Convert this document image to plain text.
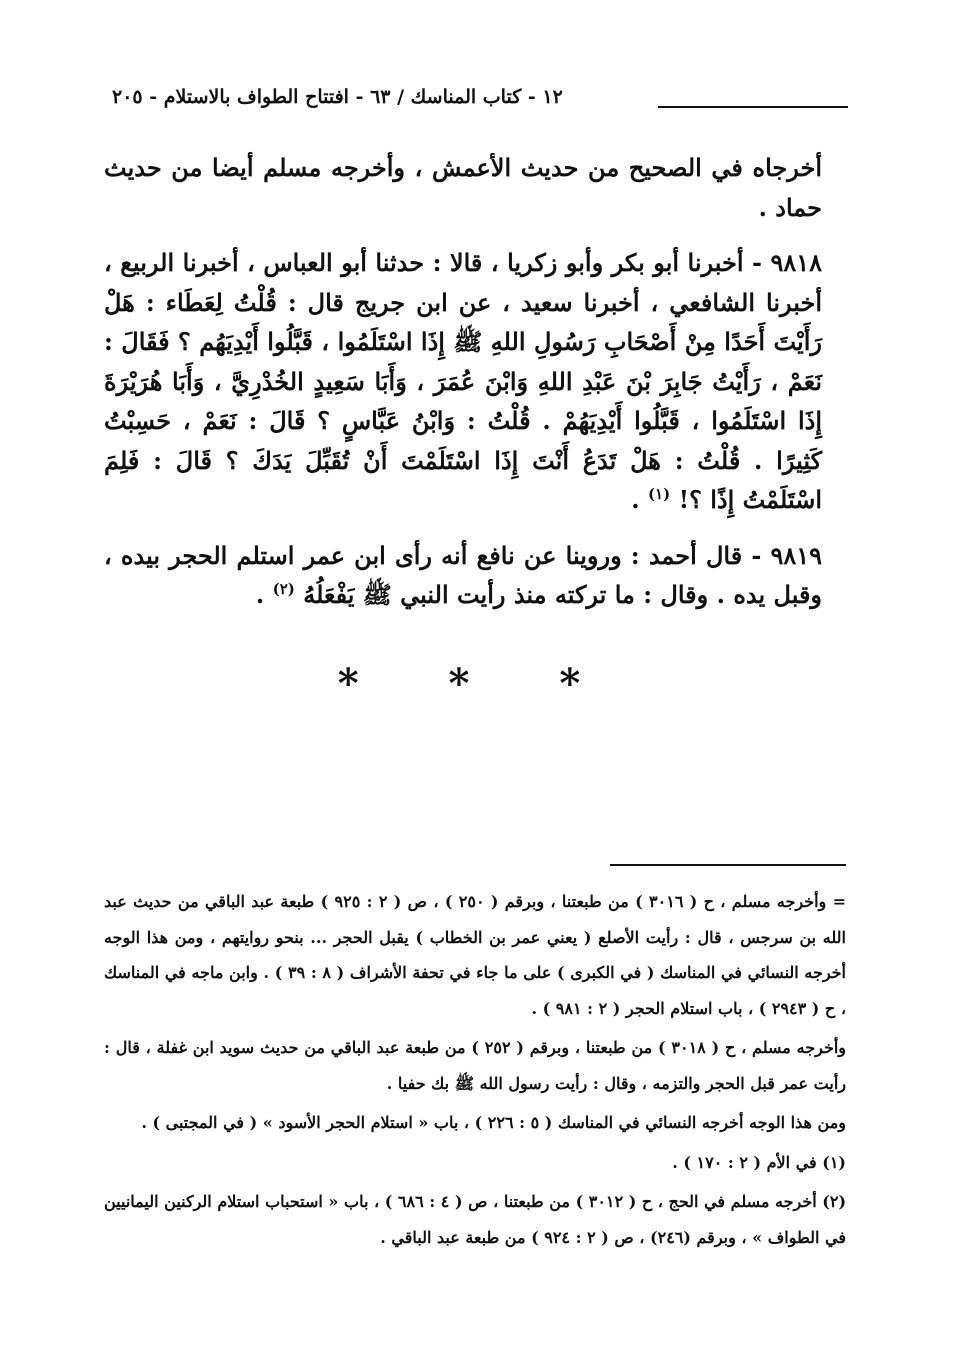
١٢ - كتاب المناسك / ٦٣ - افتتاح الطواف بالاستلام - ٢٠٥

أخرجاه في الصحيح من حديث الأعمش ، وأخرجه مسلم أيضا من حديث حماد .

٩٨١٨ - أخبرنا أبو بكر وأبو زكريا ، قالا : حدثنا أبو العباس ، أخبرنا الربيع ، أخبرنا الشافعي ، أخبرنا سعيد ، عن ابن جريج قال : قُلْتُ لِعَطَاء : هَلْ رَأَيْتَ أَحَدًا مِنْ أَصْحَابِ رَسُولِ اللهِ ﷺ إِذَا اسْتَلَمُوا ، قَبَّلُوا أَيْدِيَهُم ؟ فَقَالَ : نَعَمْ ، رَأَيْتُ جَابِرَ بْنَ عَبْدِ اللهِ وَابْنَ عُمَرَ ، وَأَبَا سَعِيدٍ الخُدْرِيَّ ، وَأَبَا هُرَيْرَةَ إِذَا اسْتَلَمُوا ، قَبَّلُوا أَيْدِيَهُمْ . قُلْتُ : وَابْنُ عَبَّاسٍ ؟ قَالَ : نَعَمْ ، حَسِبْتُ كَثِيرًا . قُلْتُ : هَلْ تَدَعُ أَنْتَ إِذَا اسْتَلَمْتَ أَنْ تُقَبِّلَ يَدَكَ ؟ قَالَ : فَلِمَ اسْتَلَمْتُ إِذًا ؟! $^{(١)}$ .

٩٨١٩ - قال أحمد : وروينا عن نافع أنه رأى ابن عمر استلم الحجر بيده ، وقبل يده . وقال : ما تركته منذ رأيت النبي ﷺ يَفْعَلُهُ $^{(٢)}$ .

* * *

= وأخرجه مسلم ، ح ( ٣٠١٦ ) من طبعتنا ، وبرقم ( ٢٥٠ ) ، ص ( ٢ : ٩٢٥ ) طبعة عبد الباقي من حديث عبد الله بن سرجس ، قال : رأيت الأصلع ( يعني عمر بن الخطاب ) يقبل الحجر ... بنحو روايتهم ، ومن هذا الوجه أخرجه النسائي في المناسك ( في الكبرى ) على ما جاء في تحفة الأشراف ( ٨ : ٣٩ ) . وابن ماجه في المناسك ، ح ( ٢٩٤٣ ) ، باب استلام الحجر ( ٢ : ٩٨١ ) .

وأخرجه مسلم ، ح ( ٣٠١٨ ) من طبعتنا ، وبرقم ( ٢٥٢ ) من طبعة عبد الباقي من حديث سويد ابن غفلة ، قال : رأيت عمر قبل الحجر والتزمه ، وقال : رأيت رسول الله ﷺ بك حفيا .

ومن هذا الوجه أخرجه النسائي في المناسك ( ٥ : ٢٢٦ ) ، باب « استلام الحجر الأسود » ( في المجتبى ) .

(١) في الأم ( ٢ : ١٧٠ ) .

(٢) أخرجه مسلم في الحج ، ح ( ٣٠١٢ ) من طبعتنا ، ص ( ٤ : ٦٨٦ ) ، باب « استحباب استلام الركنين اليمانيين في الطواف » ، وبرقم (٢٤٦) ، ص ( ٢ : ٩٢٤ ) من طبعة عبد الباقي .
